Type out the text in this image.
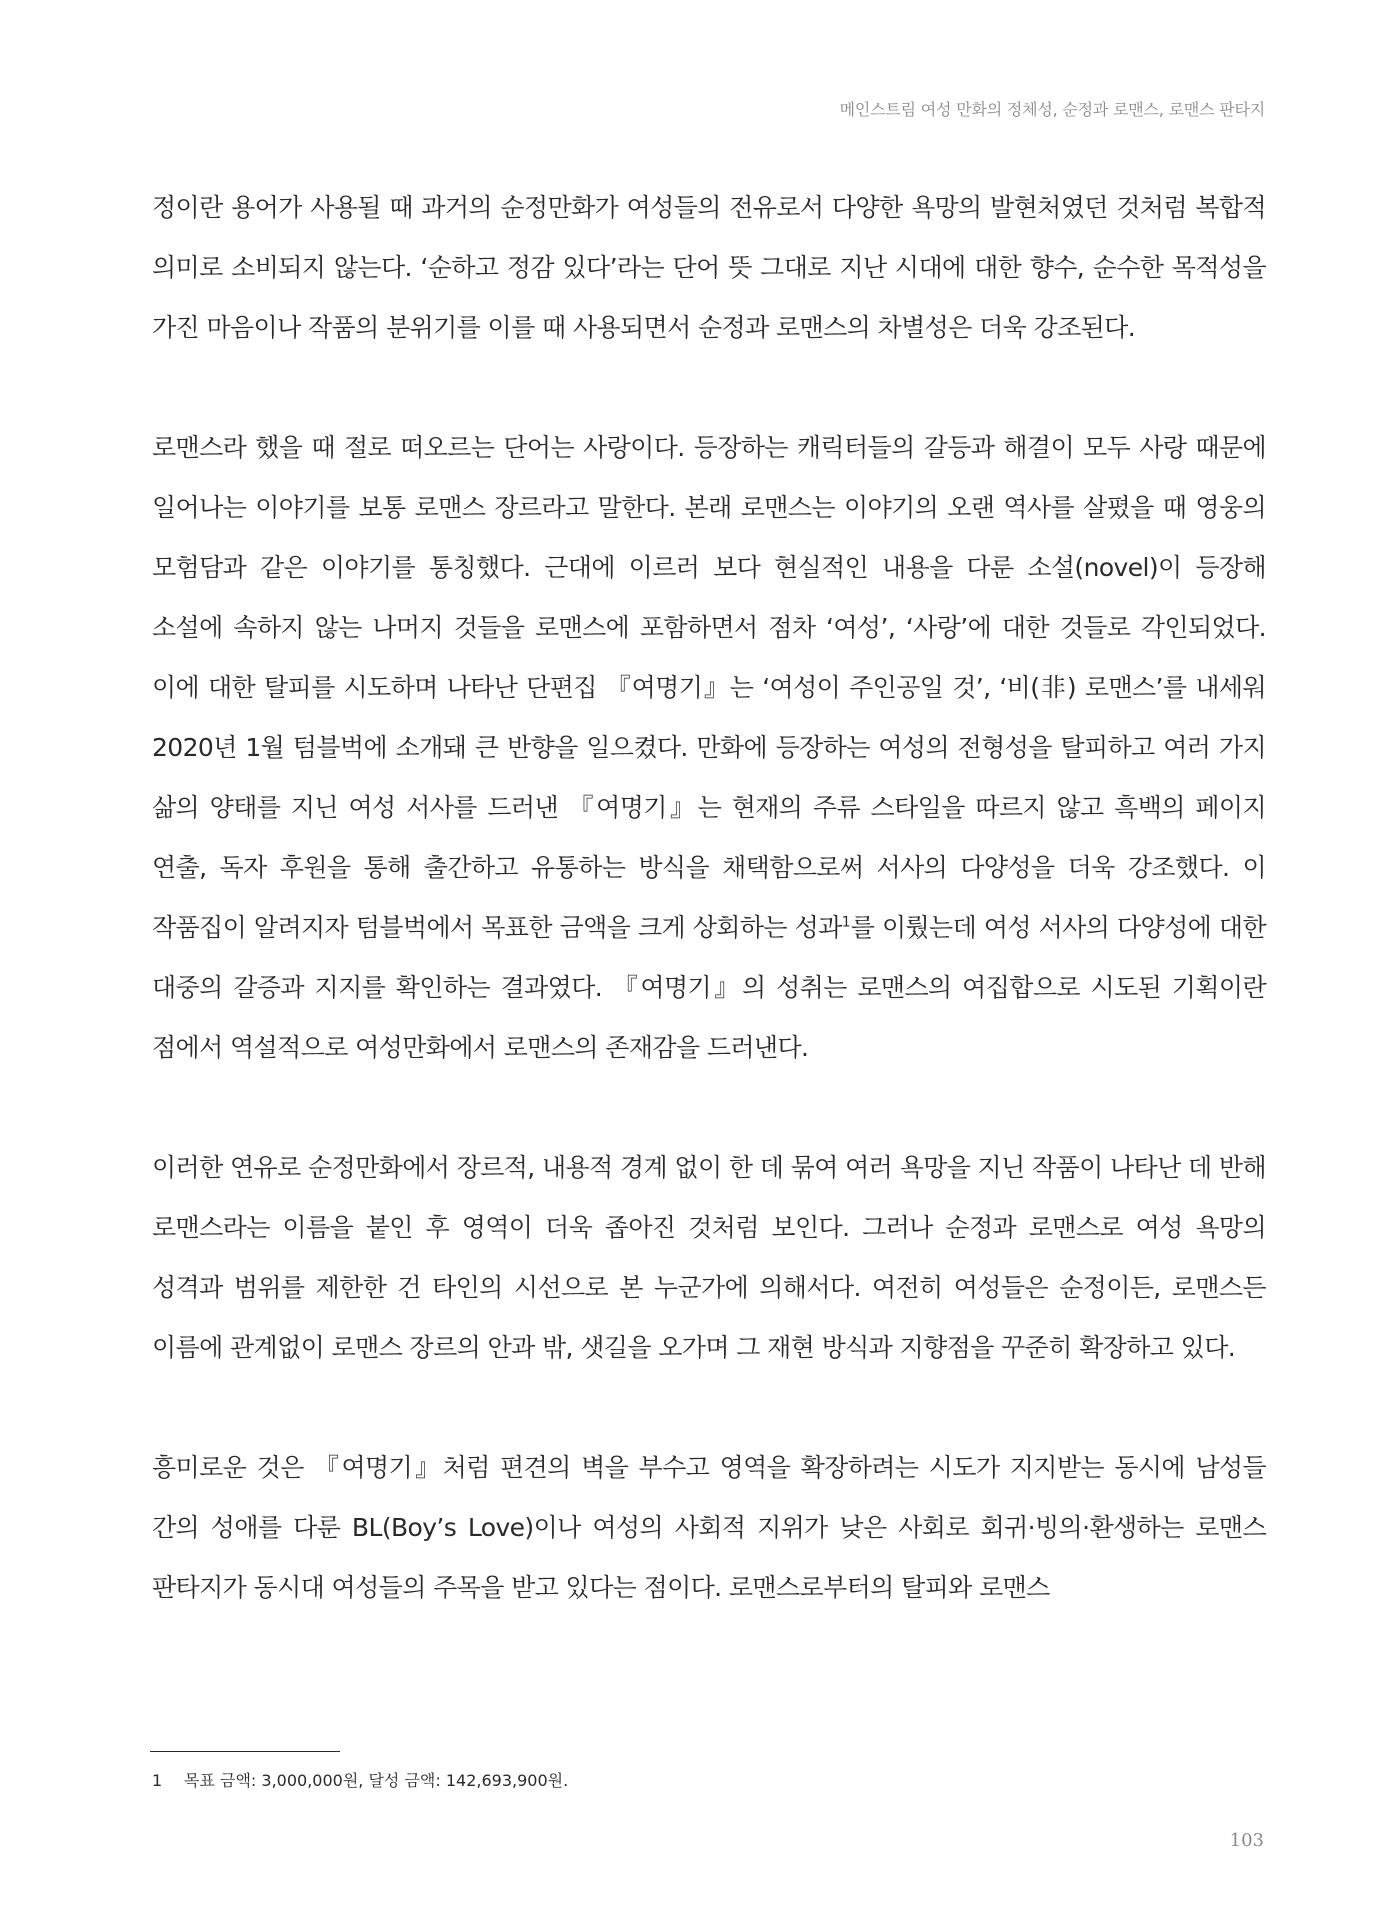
메인스트림 여성 만화의 정체성, 순정과 로맨스, 로맨스 판타지

정이란 용어가 사용될 때 과거의 순정만화가 여성들의 전유로서 다양한 욕망의 발현처였던 것처럼 복합적 의미로 소비되지 않는다. ‘순하고 정감 있다’라는 단어 뜻 그대로 지난 시대에 대한 향수, 순수한 목적성을 가진 마음이나 작품의 분위기를 이를 때 사용되면서 순정과 로맨스의 차별성은 더욱 강조된다.

로맨스라 했을 때 절로 떠오르는 단어는 사랑이다. 등장하는 캐릭터들의 갈등과 해결이 모두 사랑 때문에 일어나는 이야기를 보통 로맨스 장르라고 말한다. 본래 로맨스는 이야기의 오랜 역사를 살폈을 때 영웅의 모험담과 같은 이야기를 통칭했다. 근대에 이르러 보다 현실적인 내용을 다룬 소설(novel)이 등장해 소설에 속하지 않는 나머지 것들을 로맨스에 포함하면서 점차 ‘여성’, ‘사랑’에 대한 것들로 각인되었다. 이에 대한 탈피를 시도하며 나타난 단편집 『여명기』는 ‘여성이 주인공일 것’, ‘비(非) 로맨스’를 내세워 2020년 1월 텀블벅에 소개돼 큰 반향을 일으켰다. 만화에 등장하는 여성의 전형성을 탈피하고 여러 가지 삶의 양태를 지닌 여성 서사를 드러낸 『여명기』는 현재의 주류 스타일을 따르지 않고 흑백의 페이지 연출, 독자 후원을 통해 출간하고 유통하는 방식을 채택함으로써 서사의 다양성을 더욱 강조했다. 이 작품집이 알려지자 텀블벅에서 목표한 금액을 크게 상회하는 성과$^1$를 이뤘는데 여성 서사의 다양성에 대한 대중의 갈증과 지지를 확인하는 결과였다. 『여명기』의 성취는 로맨스의 여집합으로 시도된 기획이란 점에서 역설적으로 여성만화에서 로맨스의 존재감을 드러낸다.

이러한 연유로 순정만화에서 장르적, 내용적 경계 없이 한 데 묶여 여러 욕망을 지닌 작품이 나타난 데 반해 로맨스라는 이름을 붙인 후 영역이 더욱 좁아진 것처럼 보인다. 그러나 순정과 로맨스로 여성 욕망의 성격과 범위를 제한한 건 타인의 시선으로 본 누군가에 의해서다. 여전히 여성들은 순정이든, 로맨스든 이름에 관계없이 로맨스 장르의 안과 밖, 샛길을 오가며 그 재현 방식과 지향점을 꾸준히 확장하고 있다.

흥미로운 것은 『여명기』처럼 편견의 벽을 부수고 영역을 확장하려는 시도가 지지받는 동시에 남성들 간의 성애를 다룬 BL(Boy’s Love)이나 여성의 사회적 지위가 낮은 사회로 회귀·빙의·환생하는 로맨스 판타지가 동시대 여성들의 주목을 받고 있다는 점이다. 로맨스로부터의 탈피와 로맨스

1 목표 금액: 3,000,000원, 달성 금액: 142,693,900원.
103
